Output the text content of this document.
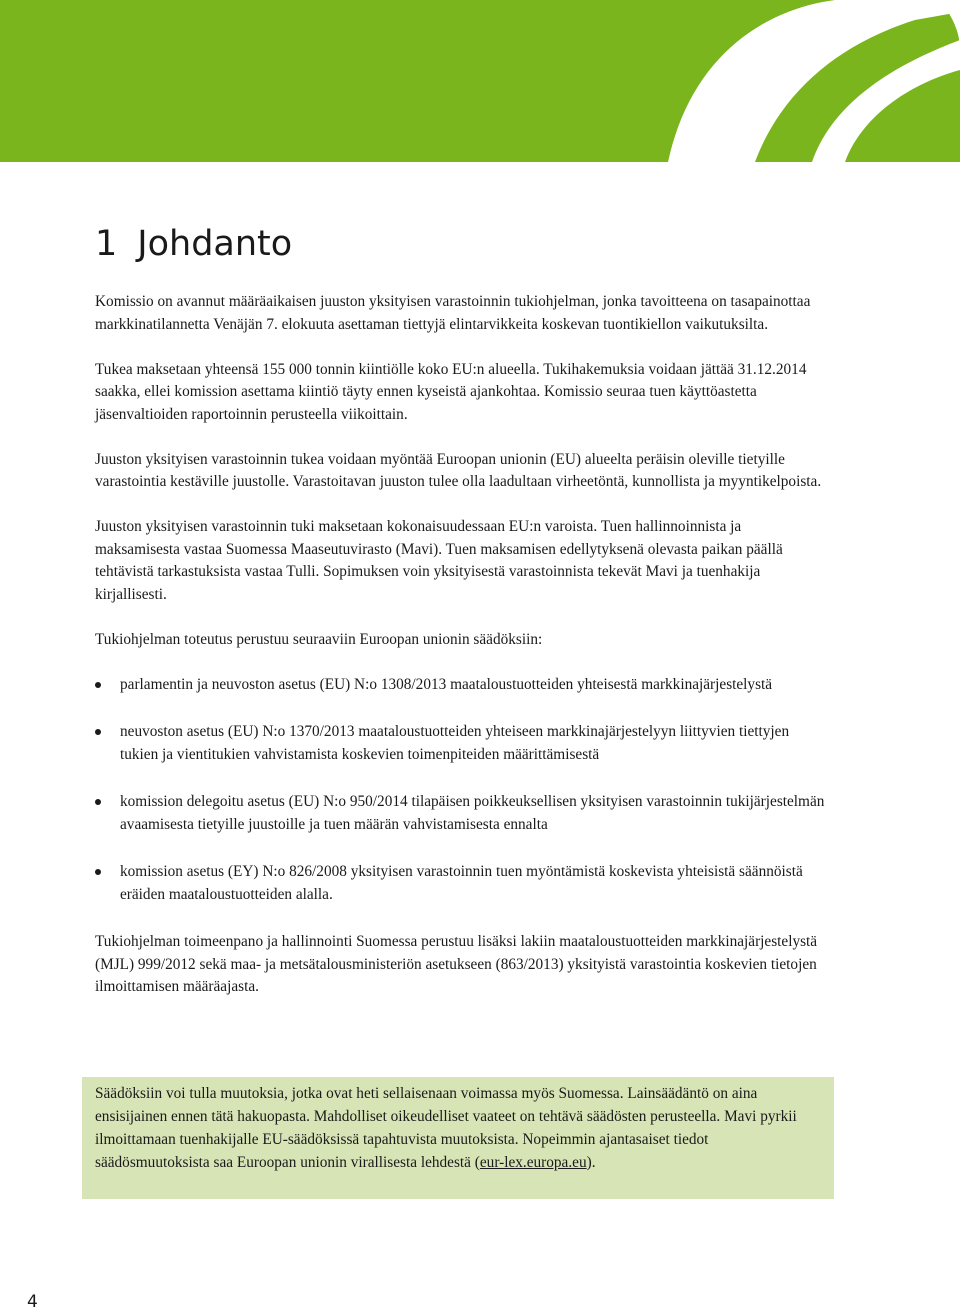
1 Johdanto

Komissio on avannut määräaikaisen juuston yksityisen varastoinnin tukiohjelman, jonka tavoitteena on tasapainottaa markkinatilannetta Venäjän 7. elokuuta asettaman tiettyjä elintarvikkeita koskevan tuontikiellon vaikutuksilta.

Tukea maksetaan yhteensä 155 000 tonnin kiintiölle koko EU:n alueella. Tukihakemuksia voidaan jättää 31.12.2014 saakka, ellei komission asettama kiintiö täyty ennen kyseistä ajankohtaa. Komissio seuraa tuen käyttöastetta jäsenvaltioiden raportoinnin perusteella viikoittain.

Juuston yksityisen varastoinnin tukea voidaan myöntää Euroopan unionin (EU) alueelta peräisin oleville tietyille varastointia kestäville juustolle. Varastoitavan juuston tulee olla laadultaan virheetöntä, kunnollista ja myyntikelpoista.

Juuston yksityisen varastoinnin tuki maksetaan kokonaisuudessaan EU:n varoista. Tuen hallinnoinnista ja maksamisesta vastaa Suomessa Maaseutuvirasto (Mavi). Tuen maksamisen edellytyksenä olevasta paikan päällä tehtävistä tarkastuksista vastaa Tulli. Sopimuksen voin yksityisestä varastoinnista tekevät Mavi ja tuenhakija kirjallisesti.

Tukiohjelman toteutus perustuu seuraaviin Euroopan unionin säädöksiin:

parlamentin ja neuvoston asetus (EU) N:o 1308/2013 maataloustuotteiden yhteisestä markkinajärjestelystä
neuvoston asetus (EU) N:o 1370/2013 maataloustuotteiden yhteiseen markkinajärjestelyyn liittyvien tiettyjen tukien ja vientitukien vahvistamista koskevien toimenpiteiden määrittämisestä
komission delegoitu asetus (EU) N:o 950/2014 tilapäisen poikkeuksellisen yksityisen varastoinnin tukijärjestelmän avaamisesta tietyille juustoille ja tuen määrän vahvistamisesta ennalta
komission asetus (EY) N:o 826/2008 yksityisen varastoinnin tuen myöntämistä koskevista yhteisistä säännöistä eräiden maataloustuotteiden alalla.

Tukiohjelman toimeenpano ja hallinnointi Suomessa perustuu lisäksi lakiin maataloustuotteiden markkinajärjestelystä (MJL) 999/2012 sekä maa- ja metsätalousministeriön asetukseen (863/2013) yksityistä varastointia koskevien tietojen ilmoittamisen määräajasta.

Säädöksiin voi tulla muutoksia, jotka ovat heti sellaisenaan voimassa myös Suomessa. Lainsäädäntö on aina ensisijainen ennen tätä hakuopasta. Mahdolliset oikeudelliset vaateet on tehtävä säädösten perusteella. Mavi pyrkii ilmoittamaan tuenhakijalle EU-säädöksissä tapahtuvista muutoksista. Nopeimmin ajantasaiset tiedot säädösmuutoksista saa Euroopan unionin virallisesta lehdestä (eur-lex.europa.eu).
4
